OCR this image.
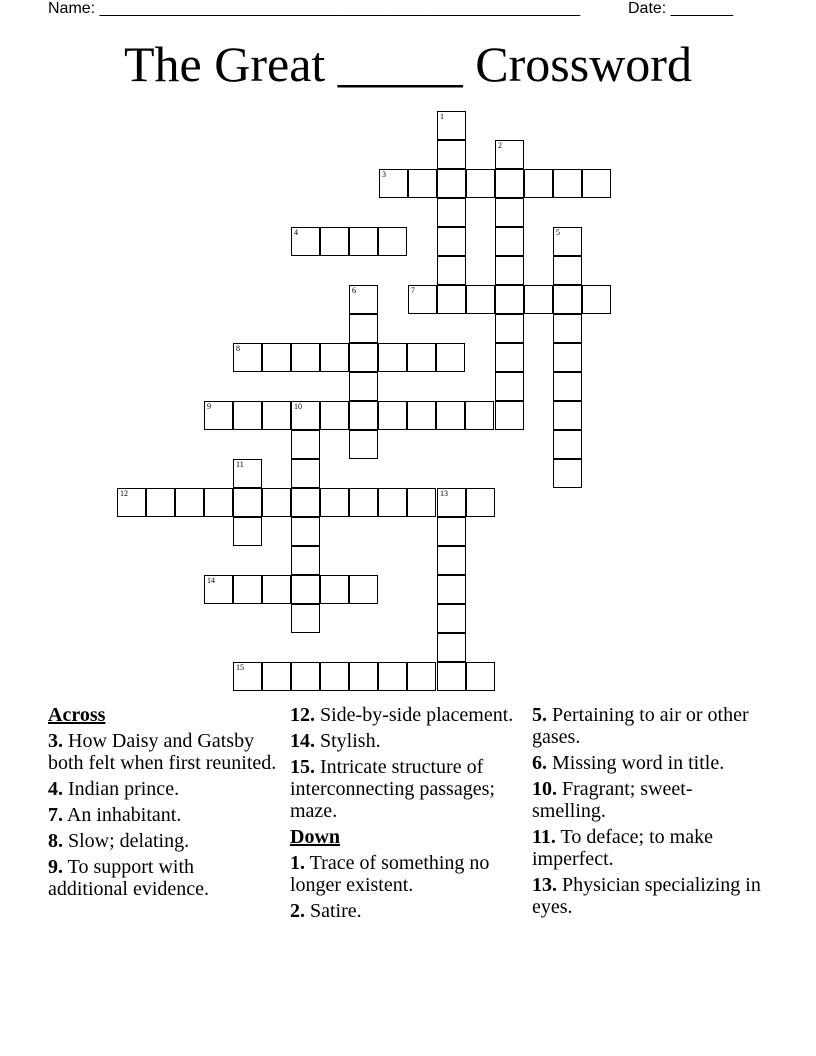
Name: ______________________________________________________	Date: _______
The Great _____ Crossword
1
2
3
4	5
6	7
8
9	10
11
12	13
14
15
Across
3. How Daisy and Gatsby both felt when first reunited.
4. Indian prince.
7. An inhabitant.
8. Slow; delating.
9. To support with additional evidence.
12. Side-by-side placement.
14. Stylish.
15. Intricate structure of interconnecting passages; maze.
Down
1. Trace of something no longer existent.
2. Satire.
5. Pertaining to air or other gases.
6. Missing word in title.
10. Fragrant; sweet-smelling.
11. To deface; to make imperfect.
13. Physician specializing in eyes.
